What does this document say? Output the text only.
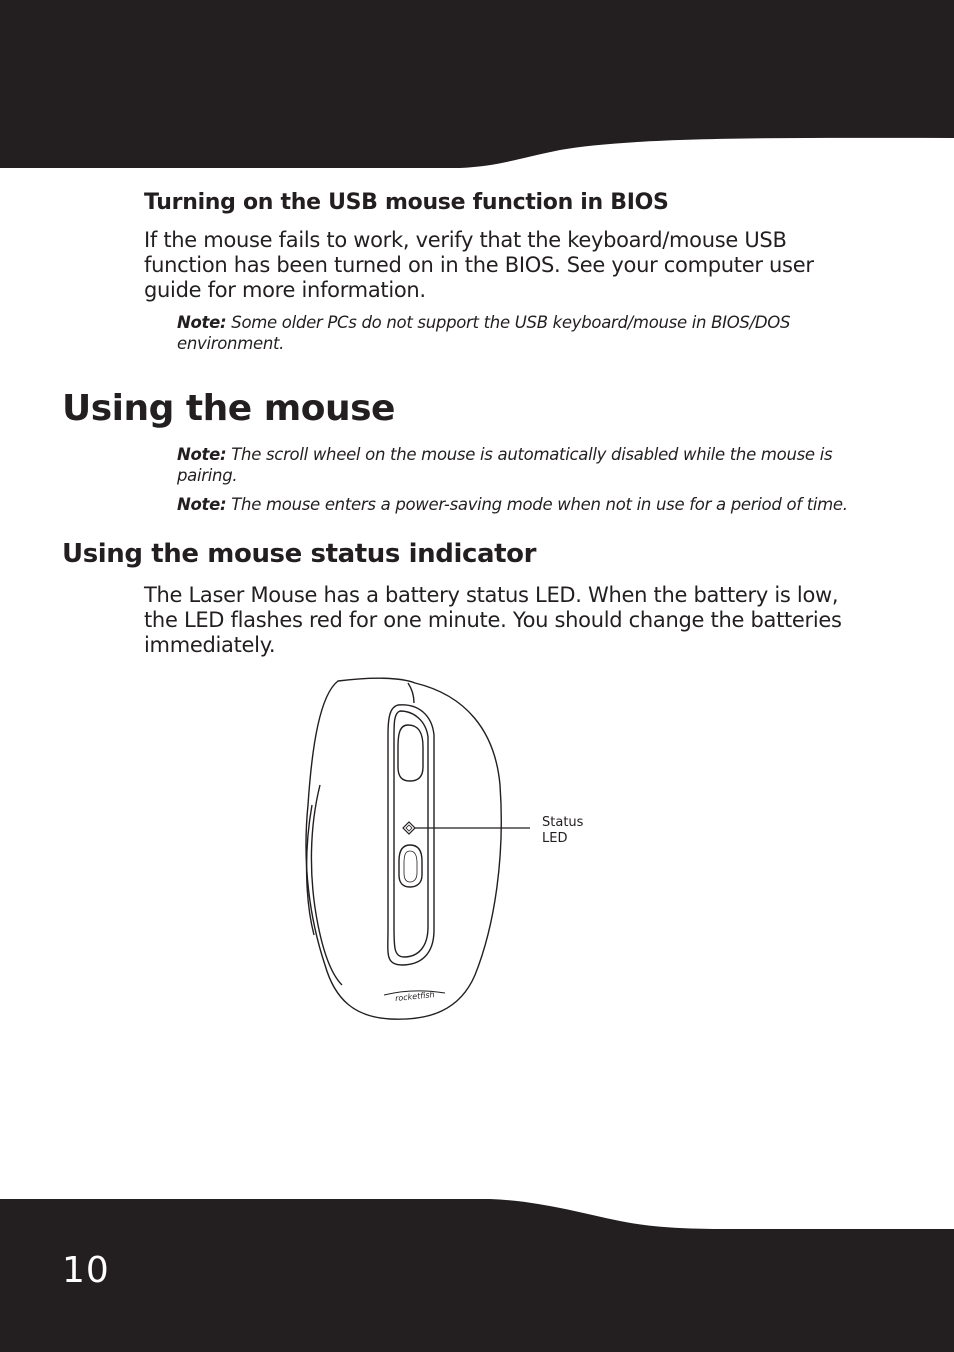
Turning on the USB mouse function in BIOS
If the mouse fails to work, verify that the keyboard/mouse USB
function has been turned on in the BIOS. See your computer user
guide for more information.
Note: Some older PCs do not support the USB keyboard/mouse in BIOS/DOS environment.
Using the mouse
Note: The scroll wheel on the mouse is automatically disabled while the mouse is pairing.
Note: The mouse enters a power-saving mode when not in use for a period of time.
Using the mouse status indicator
The Laser Mouse has a battery status LED. When the battery is low,
the LED flashes red for one minute. You should change the batteries
immediately.
rocketfish
Status
LED
10
